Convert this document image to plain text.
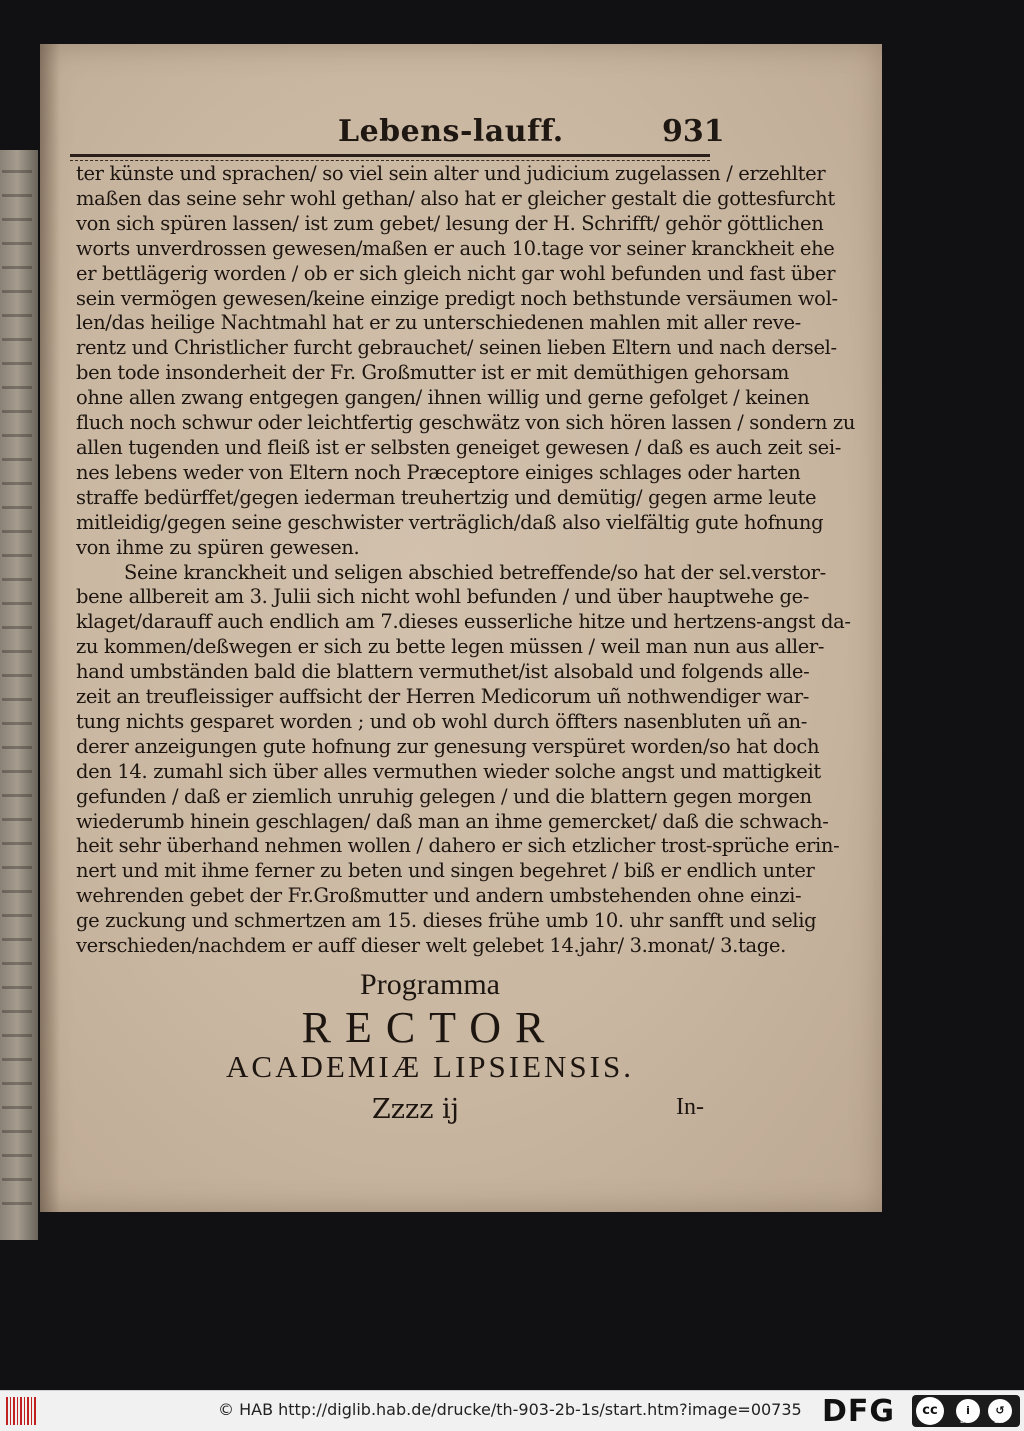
Lebens-lauff.	931
ter künste und sprachen/ so viel sein alter und judicium zugelassen / erzehlter
maßen das seine sehr wohl gethan/ also hat er gleicher gestalt die gottesfurcht
von sich spüren lassen/ ist zum gebet/ lesung der H. Schrifft/ gehör göttlichen
worts unverdrossen gewesen/maßen er auch 10.tage vor seiner kranckheit ehe
er bettlägerig worden / ob er sich gleich nicht gar wohl befunden und fast über
sein vermögen gewesen/keine einzige predigt noch bethstunde versäumen wol-
len/das heilige Nachtmahl hat er zu unterschiedenen mahlen mit aller reve-
rentz und Christlicher furcht gebrauchet/ seinen lieben Eltern und nach dersel-
ben tode insonderheit der Fr. Großmutter ist er mit demüthigen gehorsam
ohne allen zwang entgegen gangen/ ihnen willig und gerne gefolget / keinen
fluch noch schwur oder leichtfertig geschwätz von sich hören lassen / sondern zu
allen tugenden und fleiß ist er selbsten geneiget gewesen / daß es auch zeit sei-
nes lebens weder von Eltern noch Præceptore einiges schlages oder harten
straffe bedürffet/gegen iederman treuhertzig und demütig/ gegen arme leute
mitleidig/gegen seine geschwister verträglich/daß also vielfältig gute hofnung
von ihme zu spüren gewesen.
Seine kranckheit und seligen abschied betreffende/so hat der sel.verstor-
bene allbereit am 3. Julii sich nicht wohl befunden / und über hauptwehe ge-
klaget/darauff auch endlich am 7.dieses eusserliche hitze und hertzens-angst da-
zu kommen/deßwegen er sich zu bette legen müssen / weil man nun aus aller-
hand umbständen bald die blattern vermuthet/ist alsobald und folgends alle-
zeit an treufleissiger auffsicht der Herren Medicorum uñ nothwendiger war-
tung nichts gesparet worden ; und ob wohl durch öffters nasenbluten uñ an-
derer anzeigungen gute hofnung zur genesung verspüret worden/so hat doch
den 14. zumahl sich über alles vermuthen wieder solche angst und mattigkeit
gefunden / daß er ziemlich unruhig gelegen / und die blattern gegen morgen
wiederumb hinein geschlagen/ daß man an ihme gemercket/ daß die schwach-
heit sehr überhand nehmen wollen / dahero er sich etzlicher trost-sprüche erin-
nert und mit ihme ferner zu beten und singen begehret / biß er endlich unter
wehrenden gebet der Fr.Großmutter und andern umbstehenden ohne einzi-
ge zuckung und schmertzen am 15. dieses frühe umb 10. uhr sanfft und selig
verschieden/nachdem er auff dieser welt gelebet 14.jahr/ 3.monat/ 3.tage.
Programma
RECTOR
ACADEMIÆ LIPSIENSIS.
Zzzz ij	In-
© HAB http://diglib.hab.de/drucke/th-903-2b-1s/start.htm?image=00735 DFG	cc	i	↺
BY	SA
